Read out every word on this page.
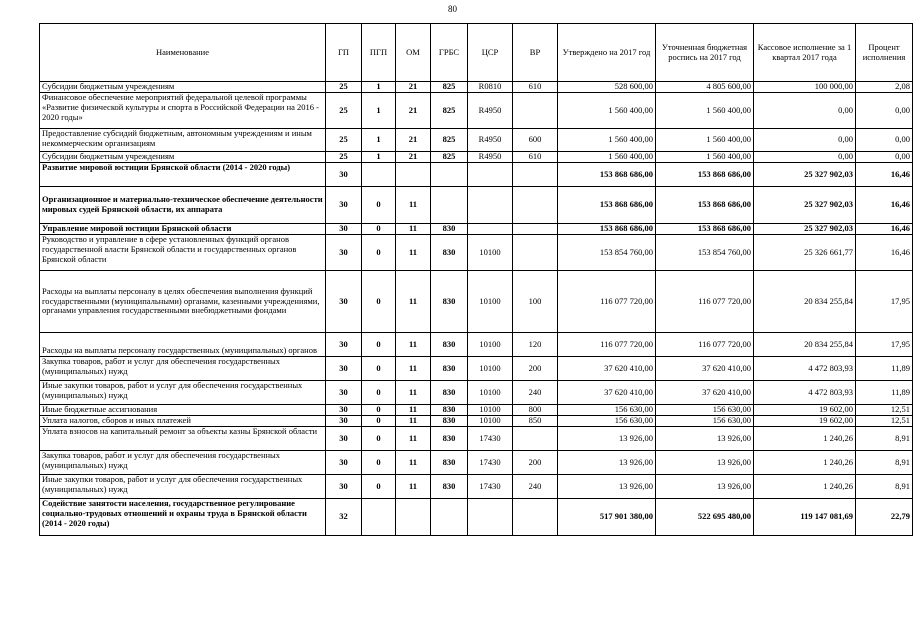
80
Наименование	ГП	ПГП	ОМ	ГРБС	ЦСР	ВР	Утверждено на 2017 год	Уточненная бюджетная роспись на 2017 год	Кассовое исполнение за 1 квартал 2017 года	Процент исполнения
Субсидии бюджетным учреждениям	25	1	21	825	R0810	610	528 600,00	4 805 600,00	100 000,00	2,08
Финансовое обеспечение мероприятий федеральной целевой программы «Развитие физической культуры и спорта в Российской Федерации на 2016 - 2020 годы»	25	1	21	825	R4950		1 560 400,00	1 560 400,00	0,00	0,00
Предоставление субсидий бюджетным, автономным учреждениям и иным некоммерческим организациям	25	1	21	825	R4950	600	1 560 400,00	1 560 400,00	0,00	0,00
Субсидии бюджетным учреждениям	25	1	21	825	R4950	610	1 560 400,00	1 560 400,00	0,00	0,00
Развитие мировой юстиции Брянской области (2014 - 2020 годы)	30						153 868 686,00	153 868 686,00	25 327 902,03	16,46
Организационное и материально-техническое обеспечение деятельности мировых судей Брянской области, их аппарата	30	0	11				153 868 686,00	153 868 686,00	25 327 902,03	16,46
Управление мировой юстиции Брянской области	30	0	11	830			153 868 686,00	153 868 686,00	25 327 902,03	16,46
Руководство и управление в сфере установленных функций органов государственной власти Брянской области и государственных органов Брянской области	30	0	11	830	10100		153 854 760,00	153 854 760,00	25 326 661,77	16,46
Расходы на выплаты персоналу в целях обеспечения выполнения функций государственными (муниципальными) органами, казенными учреждениями, органами управления государственными внебюджетными фондами	30	0	11	830	10100	100	116 077 720,00	116 077 720,00	20 834 255,84	17,95
Расходы на выплаты персоналу государственных (муниципальных) органов	30	0	11	830	10100	120	116 077 720,00	116 077 720,00	20 834 255,84	17,95
Закупка товаров, работ и услуг для обеспечения государственных (муниципальных) нужд	30	0	11	830	10100	200	37 620 410,00	37 620 410,00	4 472 803,93	11,89
Иные закупки товаров, работ и услуг для обеспечения государственных (муниципальных) нужд	30	0	11	830	10100	240	37 620 410,00	37 620 410,00	4 472 803,93	11,89
Иные бюджетные ассигнования	30	0	11	830	10100	800	156 630,00	156 630,00	19 602,00	12,51
Уплата налогов, сборов и иных платежей	30	0	11	830	10100	850	156 630,00	156 630,00	19 602,00	12,51
Уплата взносов на капитальный ремонт за объекты казны Брянской области	30	0	11	830	17430		13 926,00	13 926,00	1 240,26	8,91
Закупка товаров, работ и услуг для обеспечения государственных (муниципальных) нужд	30	0	11	830	17430	200	13 926,00	13 926,00	1 240,26	8,91
Иные закупки товаров, работ и услуг для обеспечения государственных (муниципальных) нужд	30	0	11	830	17430	240	13 926,00	13 926,00	1 240,26	8,91
Содействие занятости населения, государственное регулирование социально-трудовых отношений и охраны труда в Брянской области (2014 - 2020 годы)	32						517 901 380,00	522 695 480,00	119 147 081,69	22,79
